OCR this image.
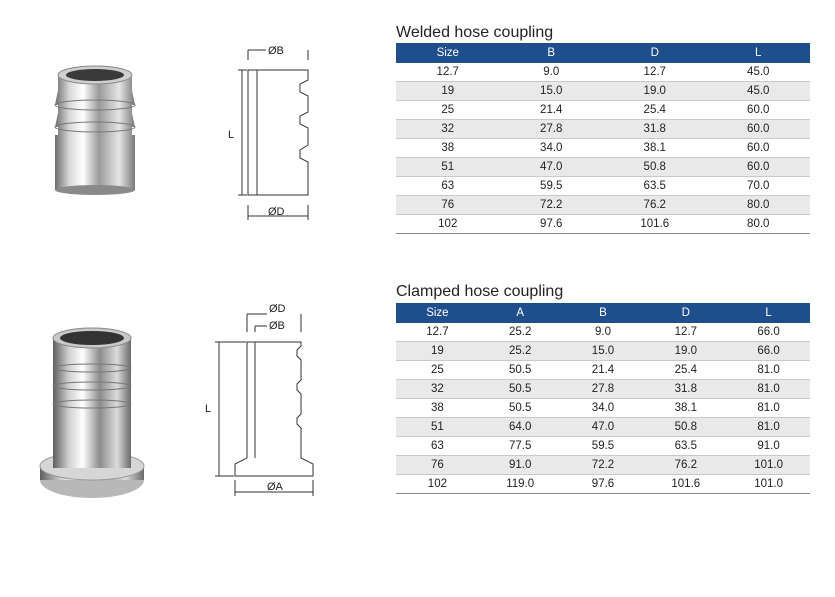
ØB
L
ØD
Welded hose coupling
Size	B	D	L
12.7	9.0	12.7	45.0
19	15.0	19.0	45.0
25	21.4	25.4	60.0
32	27.8	31.8	60.0
38	34.0	38.1	60.0
51	47.0	50.8	60.0
63	59.5	63.5	70.0
76	72.2	76.2	80.0
102	97.6	101.6	80.0
ØD
ØB
L
ØA
Clamped hose coupling
Size	A	B	D	L
12.7	25.2	9.0	12.7	66.0
19	25.2	15.0	19.0	66.0
25	50.5	21.4	25.4	81.0
32	50.5	27.8	31.8	81.0
38	50.5	34.0	38.1	81.0
51	64.0	47.0	50.8	81.0
63	77.5	59.5	63.5	91.0
76	91.0	72.2	76.2	101.0
102	119.0	97.6	101.6	101.0
